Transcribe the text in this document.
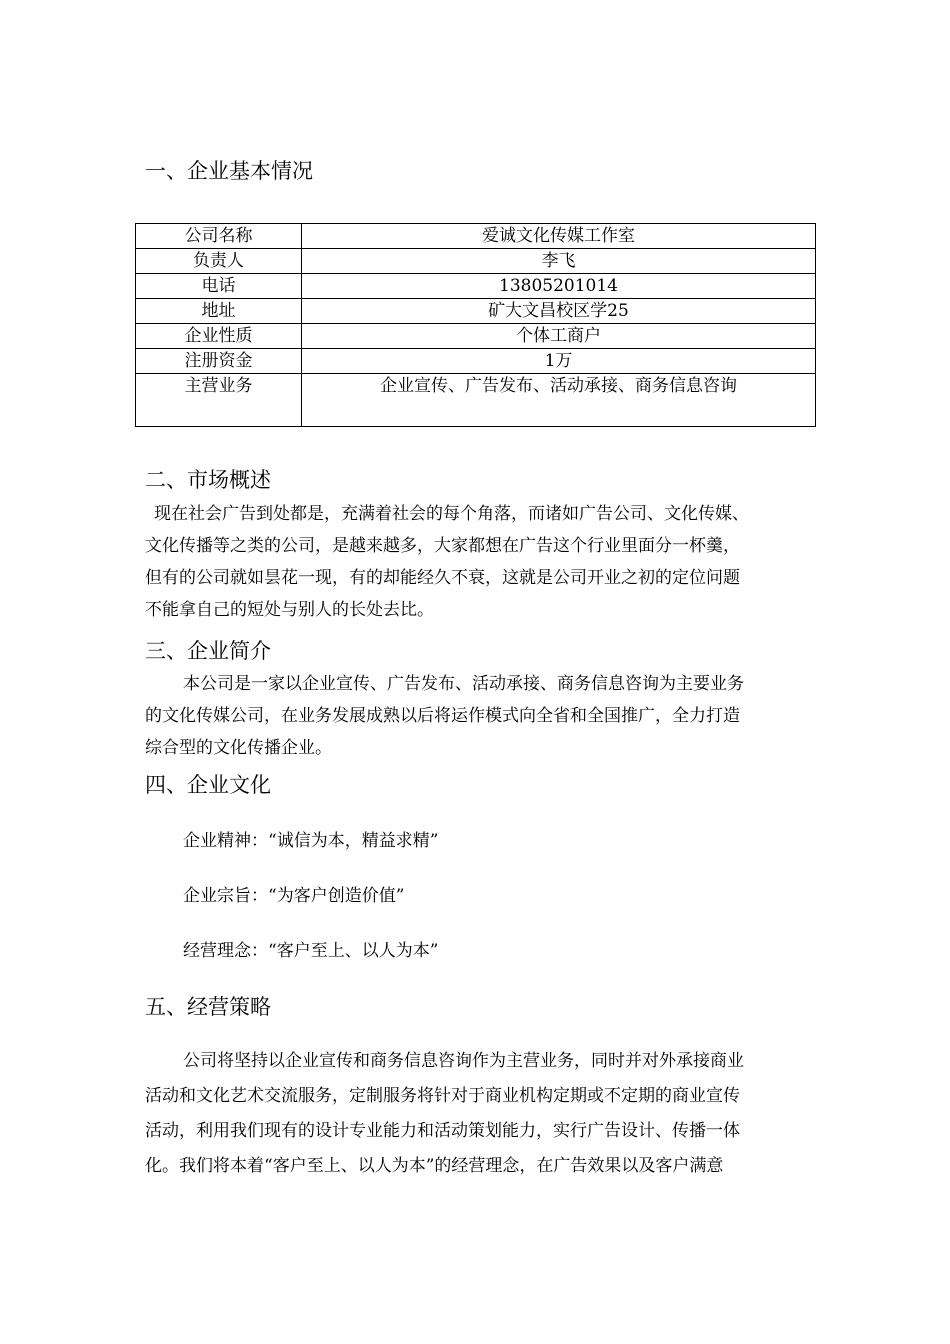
一、企业基本情况
公司名称	爱诚文化传媒工作室
负责人	李飞
电话	13805201014
地址	矿大文昌校区学25
企业性质	个体工商户
注册资金	1万
主营业务	企业宣传、广告发布、活动承接、商务信息咨询
二、市场概述
现在社会广告到处都是，充满着社会的每个角落，而诸如广告公司、文化传媒、
文化传播等之类的公司，是越来越多，大家都想在广告这个行业里面分一杯羹，
但有的公司就如昙花一现，有的却能经久不衰，这就是公司开业之初的定位问题
不能拿自己的短处与别人的长处去比。
三、企业简介
本公司是一家以企业宣传、广告发布、活动承接、商务信息咨询为主要业务
的文化传媒公司，在业务发展成熟以后将运作模式向全省和全国推广，全力打造
综合型的文化传播企业。
四、企业文化

企业精神：“诚信为本，精益求精”

企业宗旨：“为客户创造价值”

经营理念：“客户至上、以人为本”

五、经营策略
公司将坚持以企业宣传和商务信息咨询作为主营业务，同时并对外承接商业
活动和文化艺术交流服务，定制服务将针对于商业机构定期或不定期的商业宣传
活动，利用我们现有的设计专业能力和活动策划能力，实行广告设计、传播一体
化。我们将本着“客户至上、以人为本”的经营理念，在广告效果以及客户满意
